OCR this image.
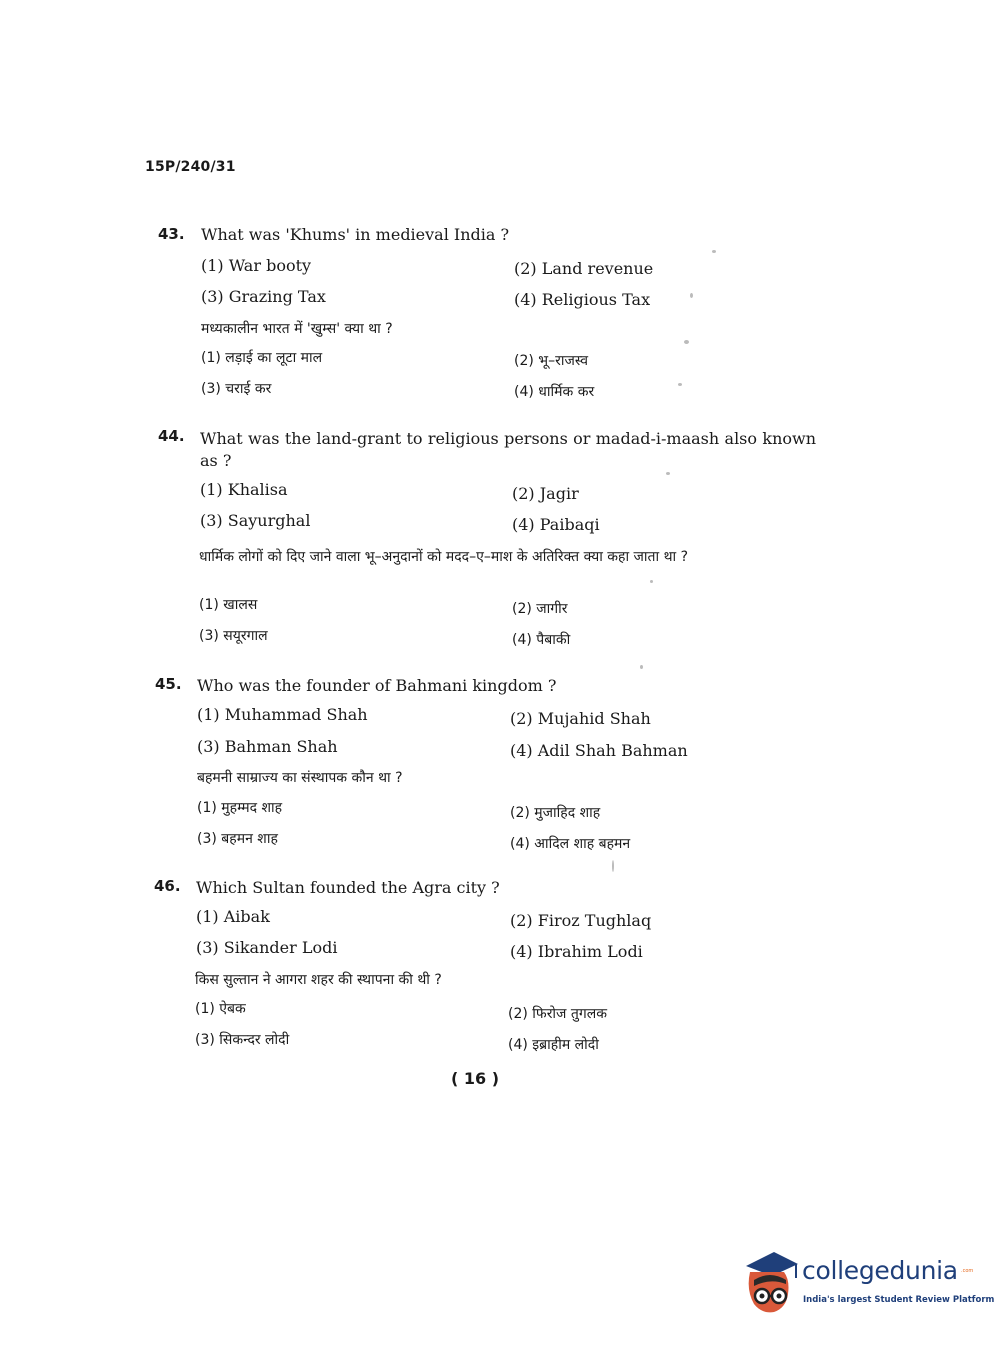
15P/240/31
43. What was 'Khums' in medieval India ?
(1) War booty	(2) Land revenue
(3) Grazing Tax	(4) Religious Tax
मध्यकालीन भारत में 'खुम्स' क्या था ?
(1) लड़ाई का लूटा माल	(2) भू–राजस्व
(3) चराई कर	(4) धार्मिक कर
44. What was the land-grant to religious persons or madad-i-maash also known as ?
(1) Khalisa	(2) Jagir
(3) Sayurghal	(4) Paibaqi
धार्मिक लोगों को दिए जाने वाला भू–अनुदानों को मदद–ए–माश के अतिरिक्त क्या कहा जाता था ?
(1) खालस	(2) जागीर
(3) सयूरगाल	(4) पैबाकी
45. Who was the founder of Bahmani kingdom ?
(1) Muhammad Shah	(2) Mujahid Shah
(3) Bahman Shah	(4) Adil Shah Bahman
बहमनी साम्राज्य का संस्थापक कौन था ?
(1) मुहम्मद शाह	(2) मुजाहिद शाह
(3) बहमन शाह	(4) आदिल शाह बहमन
46. Which Sultan founded the Agra city ?
(1) Aibak	(2) Firoz Tughlaq
(3) Sikander Lodi	(4) Ibrahim Lodi
किस सुल्तान ने आगरा शहर की स्थापना की थी ?
(1) ऐबक	(2) फिरोज तुगलक
(3) सिकन्दर लोदी	(4) इब्राहीम लोदी
( 16 )
collegedunia .com
India's largest Student Review Platform
